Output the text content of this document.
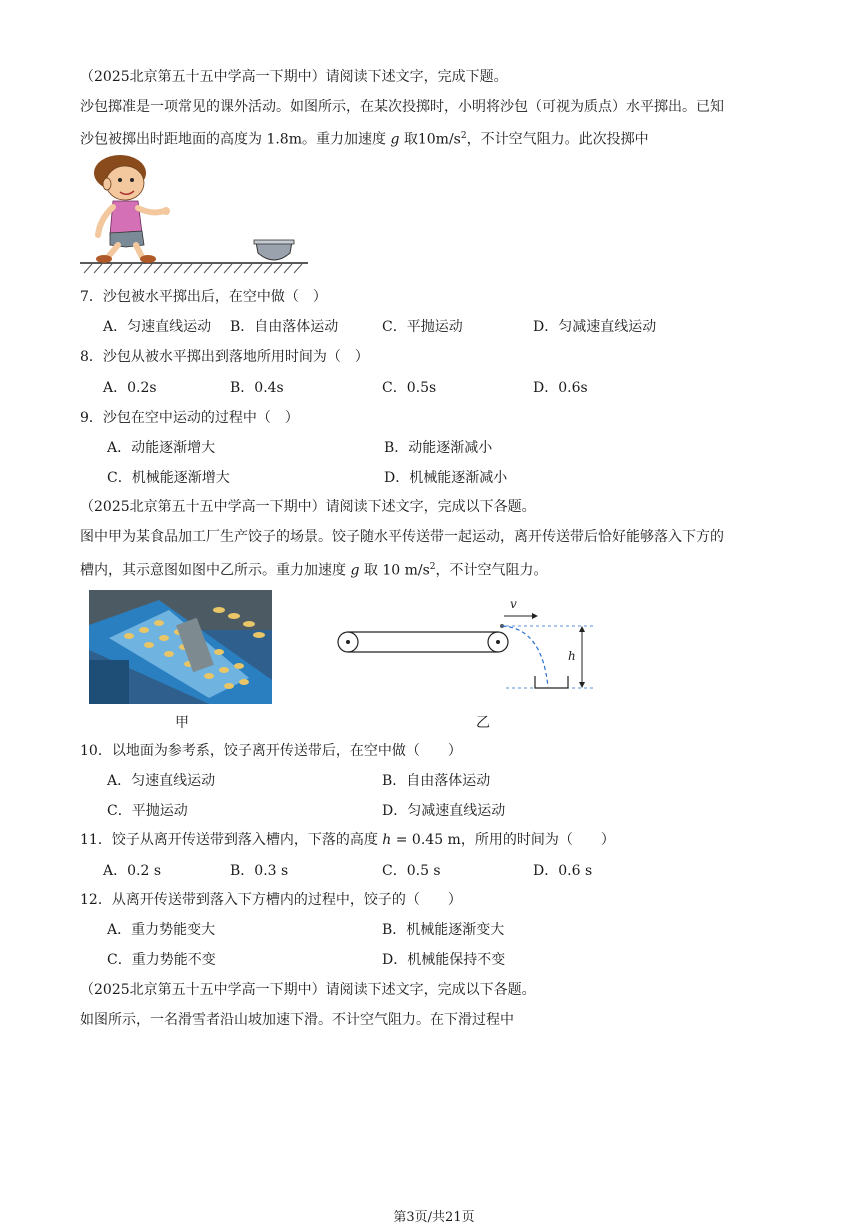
（2025北京第五十五中学高一下期中）请阅读下述文字，完成下题。
沙包掷准是一项常见的课外活动。如图所示，在某次投掷时，小明将沙包（可视为质点）水平掷出。已知
沙包被掷出时距地面的高度为 1.8m。重力加速度 g 取$10m/s^2$，不计空气阻力。此次投掷中
7．沙包被水平掷出后，在空中做（　）
A．匀速直线运动 B．自由落体运动	C．平抛运动	D．匀减速直线运动
8．沙包从被水平掷出到落地所用时间为（　）
A．0.2s	B．0.4s	C．0.5s	D．0.6s
9．沙包在空中运动的过程中（　）
A．动能逐渐增大	B．动能逐渐减小
C．机械能逐渐增大	D．机械能逐渐减小
（2025北京第五十五中学高一下期中）请阅读下述文字，完成以下各题。
图中甲为某食品加工厂生产饺子的场景。饺子随水平传送带一起运动，离开传送带后恰好能够落入下方的
槽内，其示意图如图中乙所示。重力加速度 g 取 10 $m/s^2$，不计空气阻力。
甲
v
h
乙
10．以地面为参考系，饺子离开传送带后，在空中做（　　）
A．匀速直线运动	B．自由落体运动
C．平抛运动	D．匀减速直线运动
11．饺子从离开传送带到落入槽内，下落的高度 h = 0.45 m，所用的时间为（　　）
A．0.2 s	B．0.3 s	C．0.5 s	D．0.6 s
12．从离开传送带到落入下方槽内的过程中，饺子的（　　）
A．重力势能变大	B．机械能逐渐变大
C．重力势能不变	D．机械能保持不变
（2025北京第五十五中学高一下期中）请阅读下述文字，完成以下各题。
如图所示，一名滑雪者沿山坡加速下滑。不计空气阻力。在下滑过程中
第3页/共21页
